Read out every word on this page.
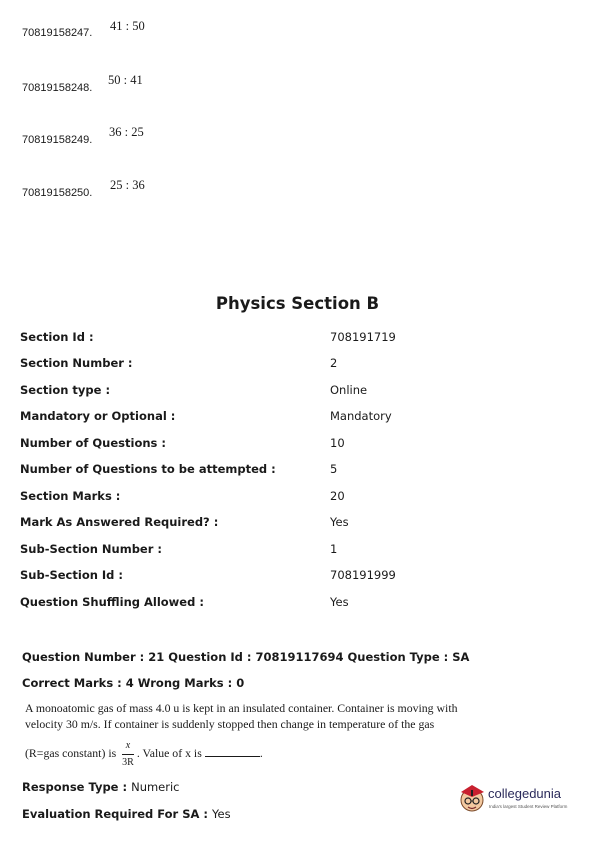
70819158247. 41 : 50
70819158248.
50 : 41
70819158249.
36 : 25
70819158250.
25 : 36
Physics Section B
Section Id :	708191719
Section Number :	2
Section type :	Online
Mandatory or Optional :	Mandatory
Number of Questions :	10
Number of Questions to be attempted :	5
Section Marks :	20
Mark As Answered Required? :	Yes
Sub-Section Number :	1
Sub-Section Id :	708191999
Question Shuffling Allowed :	Yes
Question Number : 21 Question Id : 70819117694 Question Type : SA
Correct Marks : 4 Wrong Marks : 0
A monoatomic gas of mass 4.0 u is kept in an insulated container. Container is moving with
velocity 30 m/s. If container is suddenly stopped then change in temperature of the gas
(R=gas constant) is $\frac{x}{3R}$ . Value of x is	.
Response Type : Numeric
Evaluation Required For SA : Yes
collegedunia
India's largest Student Review Platform
